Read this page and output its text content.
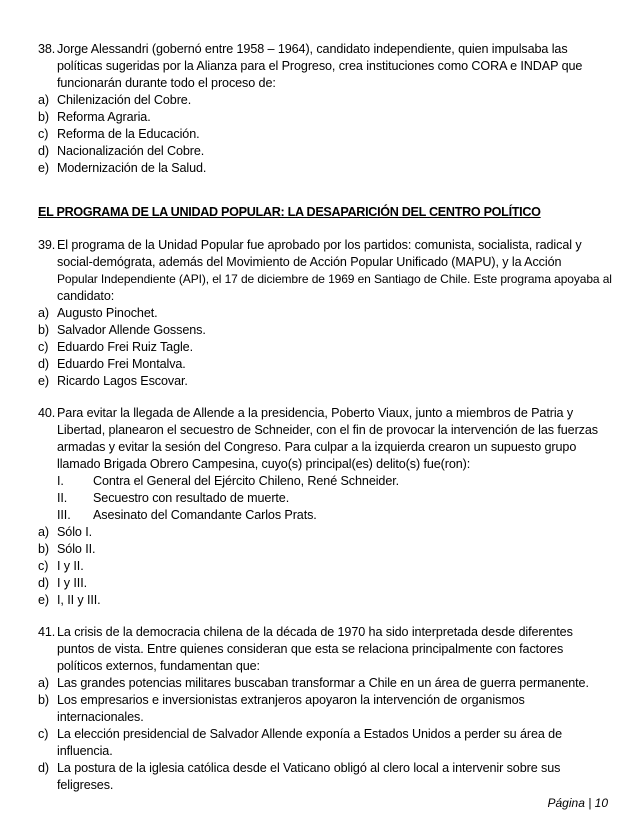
38. Jorge Alessandri (gobernó entre 1958 – 1964), candidato independiente, quien impulsaba las
políticas sugeridas por la Alianza para el Progreso, crea instituciones como CORA e INDAP que
funcionarán durante todo el proceso de:
a) Chilenización del Cobre.
b) Reforma Agraria.
c) Reforma de la Educación.
d) Nacionalización del Cobre.
e) Modernización de la Salud.
EL PROGRAMA DE LA UNIDAD POPULAR: LA DESAPARICIÓN DEL CENTRO POLÍTICO
39. El programa de la Unidad Popular fue aprobado por los partidos: comunista, socialista, radical y
social-demógrata, además del Movimiento de Acción Popular Unificado (MAPU), y la Acción
Popular Independiente (API), el 17 de diciembre de 1969 en Santiago de Chile. Este programa apoyaba al
candidato:
a) Augusto Pinochet.
b) Salvador Allende Gossens.
c) Eduardo Frei Ruiz Tagle.
d) Eduardo Frei Montalva.
e) Ricardo Lagos Escovar.
40. Para evitar la llegada de Allende a la presidencia, Poberto Viaux, junto a miembros de Patria y
Libertad, planearon el secuestro de Schneider, con el fin de provocar la intervención de las fuerzas
armadas y evitar la sesión del Congreso. Para culpar a la izquierda crearon un supuesto grupo
llamado Brigada Obrero Campesina, cuyo(s) principal(es) delito(s) fue(ron):
I. Contra el General del Ejército Chileno, René Schneider.
II. Secuestro con resultado de muerte.
III. Asesinato del Comandante Carlos Prats.
a) Sólo I.
b) Sólo II.
c) I y II.
d) I y III.
e) I, II y III.
41. La crisis de la democracia chilena de la década de 1970 ha sido interpretada desde diferentes
puntos de vista. Entre quienes consideran que esta se relaciona principalmente con factores
políticos externos, fundamentan que:
a) Las grandes potencias militares buscaban transformar a Chile en un área de guerra permanente.
b) Los empresarios e inversionistas extranjeros apoyaron la intervención de organismos
internacionales.
c) La elección presidencial de Salvador Allende exponía a Estados Unidos a perder su área de
influencia.
d) La postura de la iglesia católica desde el Vaticano obligó al clero local a intervenir sobre sus
feligreses.
Página | 10
